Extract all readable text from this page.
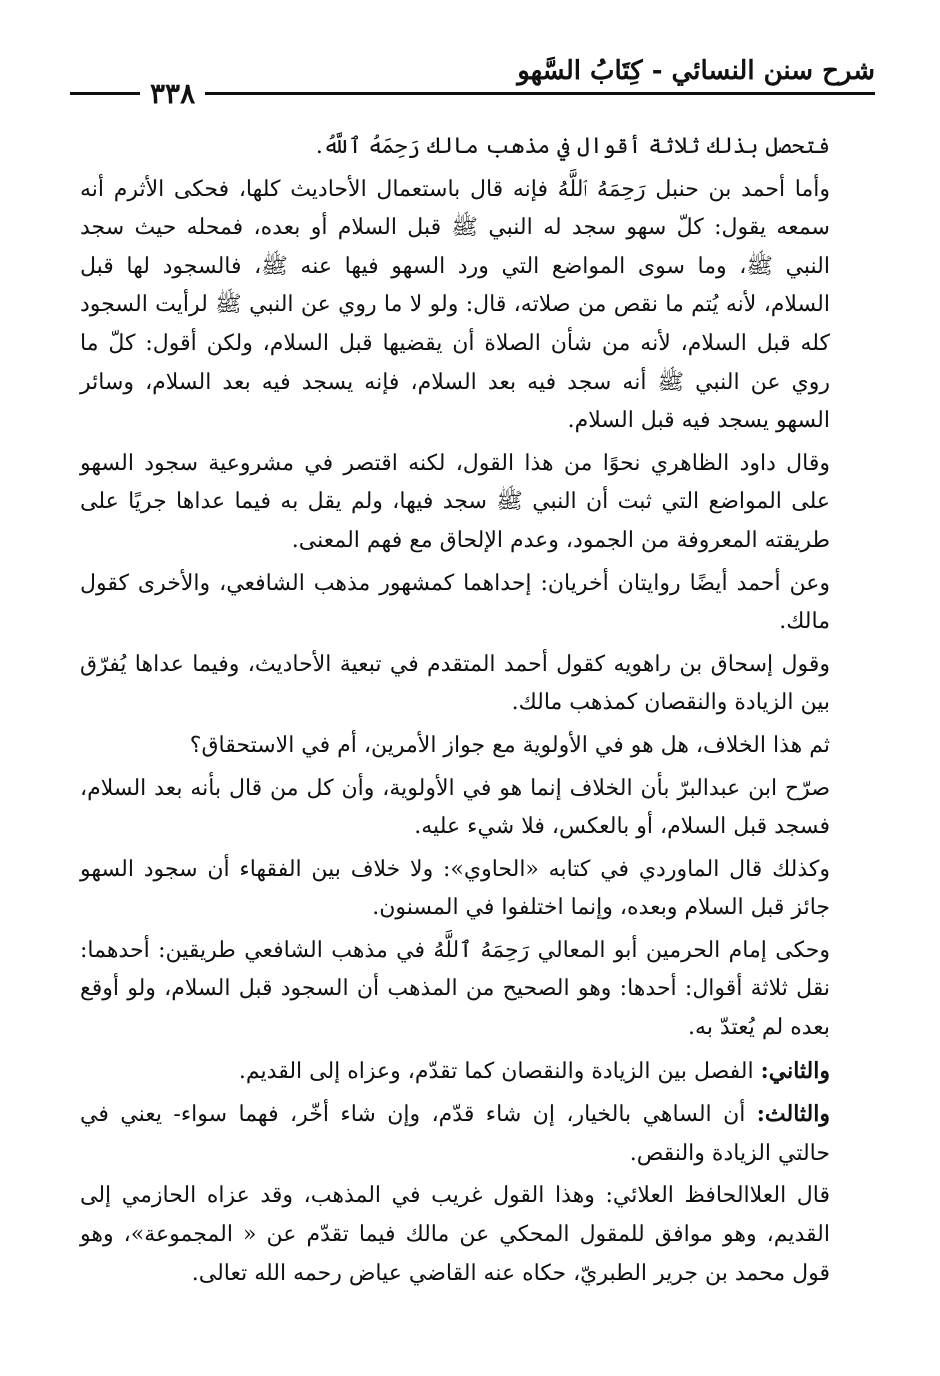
شرح سنن النسائي - كِتَابُ السَّهو
٣٣٨

فتحصل بذلك ثلاثة أقوال في مذهب مالك رَحِمَهُ ٱللَّهُ.

وأما أحمد بن حنبل رَحِمَهُ ٱللَّهُ فإنه قال باستعمال الأحاديث كلها، فحكى الأثرم أنه سمعه يقول: كلّ سهو سجد له النبي ﷺ قبل السلام أو بعده، فمحله حيث سجد النبي ﷺ، وما سوى المواضع التي ورد السهو فيها عنه ﷺ، فالسجود لها قبل السلام، لأنه يُتم ما نقص من صلاته، قال: ولو لا ما روي عن النبي ﷺ لرأيت السجود كله قبل السلام، لأنه من شأن الصلاة أن يقضيها قبل السلام، ولكن أقول: كلّ ما روي عن النبي ﷺ أنه سجد فيه بعد السلام، فإنه يسجد فيه بعد السلام، وسائر السهو يسجد فيه قبل السلام.

وقال داود الظاهري نحوًا من هذا القول، لكنه اقتصر في مشروعية سجود السهو على المواضع التي ثبت أن النبي ﷺ سجد فيها، ولم يقل به فيما عداها جريًا على طريقته المعروفة من الجمود، وعدم الإلحاق مع فهم المعنى.

وعن أحمد أيضًا روايتان أخريان: إحداهما كمشهور مذهب الشافعي، والأخرى كقول مالك.

وقول إسحاق بن راهويه كقول أحمد المتقدم في تبعية الأحاديث، وفيما عداها يُفرّق بين الزيادة والنقصان كمذهب مالك.

ثم هذا الخلاف، هل هو في الأولوية مع جواز الأمرين، أم في الاستحقاق؟

صرّح ابن عبدالبرّ بأن الخلاف إنما هو في الأولوية، وأن كل من قال بأنه بعد السلام، فسجد قبل السلام، أو بالعكس، فلا شيء عليه.

وكذلك قال الماوردي في كتابه «الحاوي»: ولا خلاف بين الفقهاء أن سجود السهو جائز قبل السلام وبعده، وإنما اختلفوا في المسنون.

وحكى إمام الحرمين أبو المعالي رَحِمَهُ ٱللَّهُ في مذهب الشافعي طريقين: أحدهما: نقل ثلاثة أقوال: أحدها: وهو الصحيح من المذهب أن السجود قبل السلام، ولو أوقع بعده لم يُعتدّ به.

والثاني: الفصل بين الزيادة والنقصان كما تقدّم، وعزاه إلى القديم.

والثالث: أن الساهي بالخيار، إن شاء قدّم، وإن شاء أخّر، فهما سواء- يعني في حالتي الزيادة والنقص.

قال العلاالحافظ العلائي: وهذا القول غريب في المذهب، وقد عزاه الحازمي إلى القديم، وهو موافق للمقول المحكي عن مالك فيما تقدّم عن « المجموعة»، وهو قول محمد بن جرير الطبريّ، حكاه عنه القاضي عياض رحمه الله تعالى.
